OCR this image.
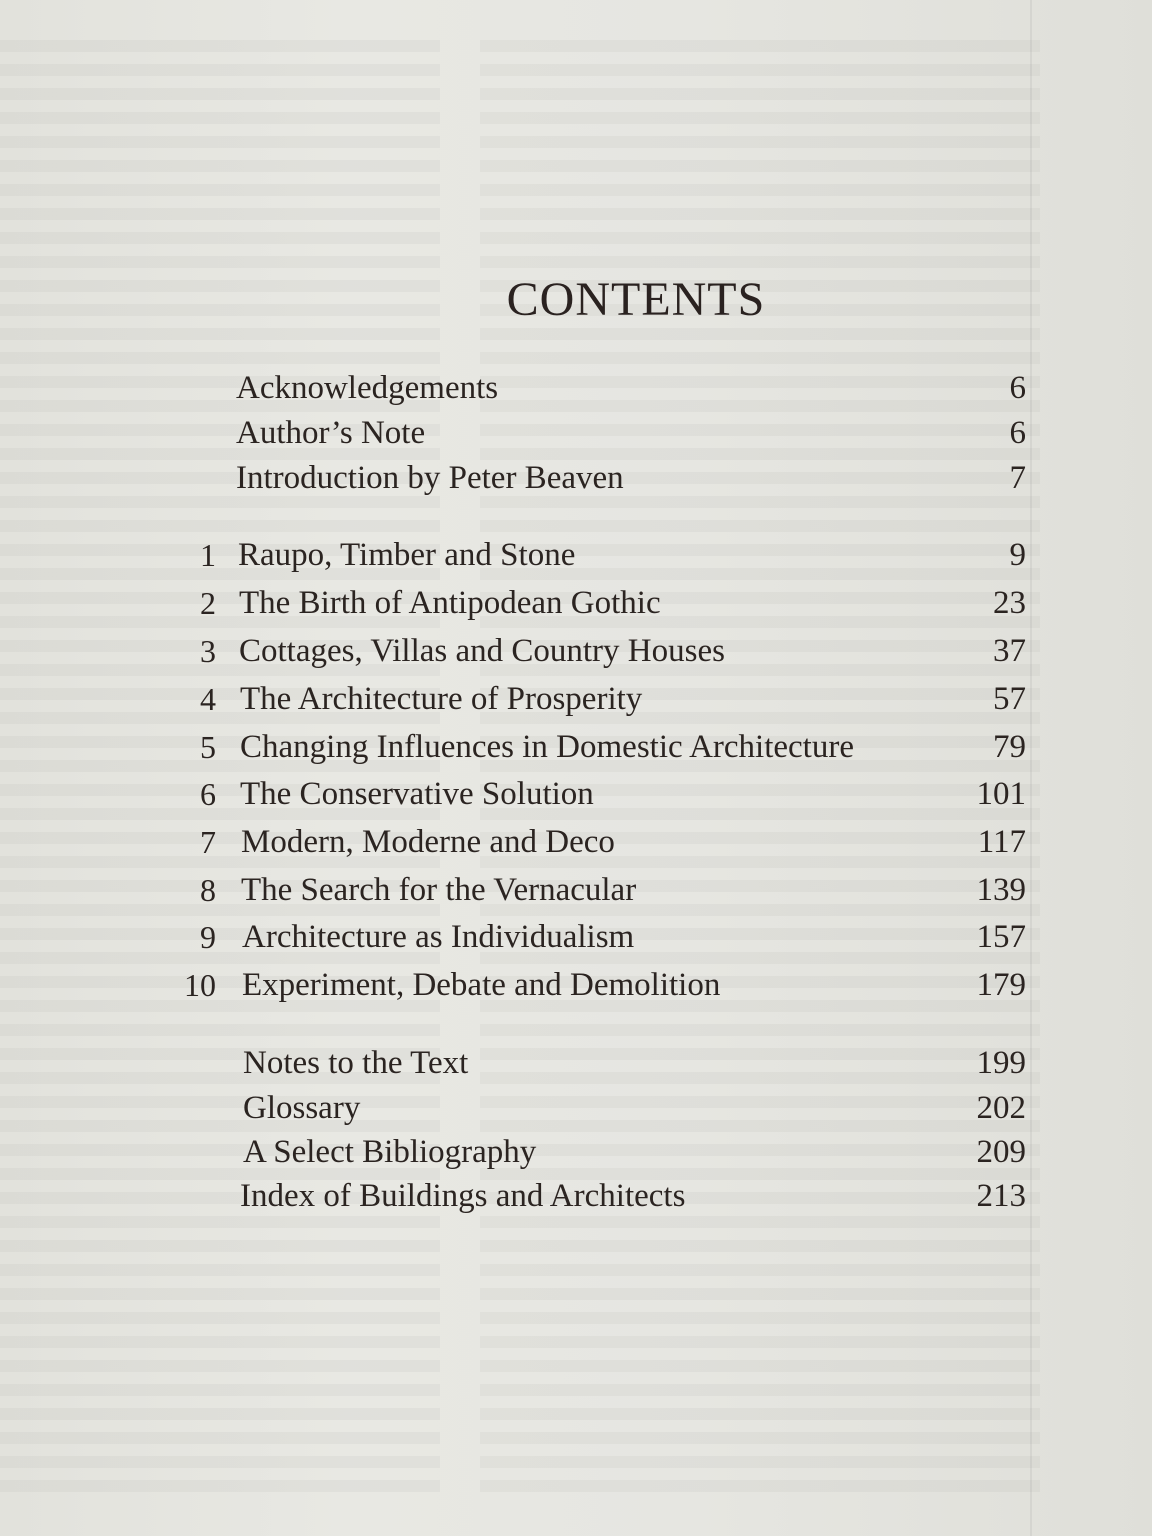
CONTENTS
Acknowledgements	6
Author’s Note	6
Introduction by Peter Beaven	7
1 Raupo, Timber and Stone	9
2 The Birth of Antipodean Gothic	23
3 Cottages, Villas and Country Houses	37
4 The Architecture of Prosperity	57
5 Changing Influences in Domestic Architecture	79
6 The Conservative Solution	101
7 Modern, Moderne and Deco	117
8 The Search for the Vernacular	139
9 Architecture as Individualism	157
10 Experiment, Debate and Demolition	179
Notes to the Text	199
Glossary	202
A Select Bibliography	209
Index of Buildings and Architects	213
